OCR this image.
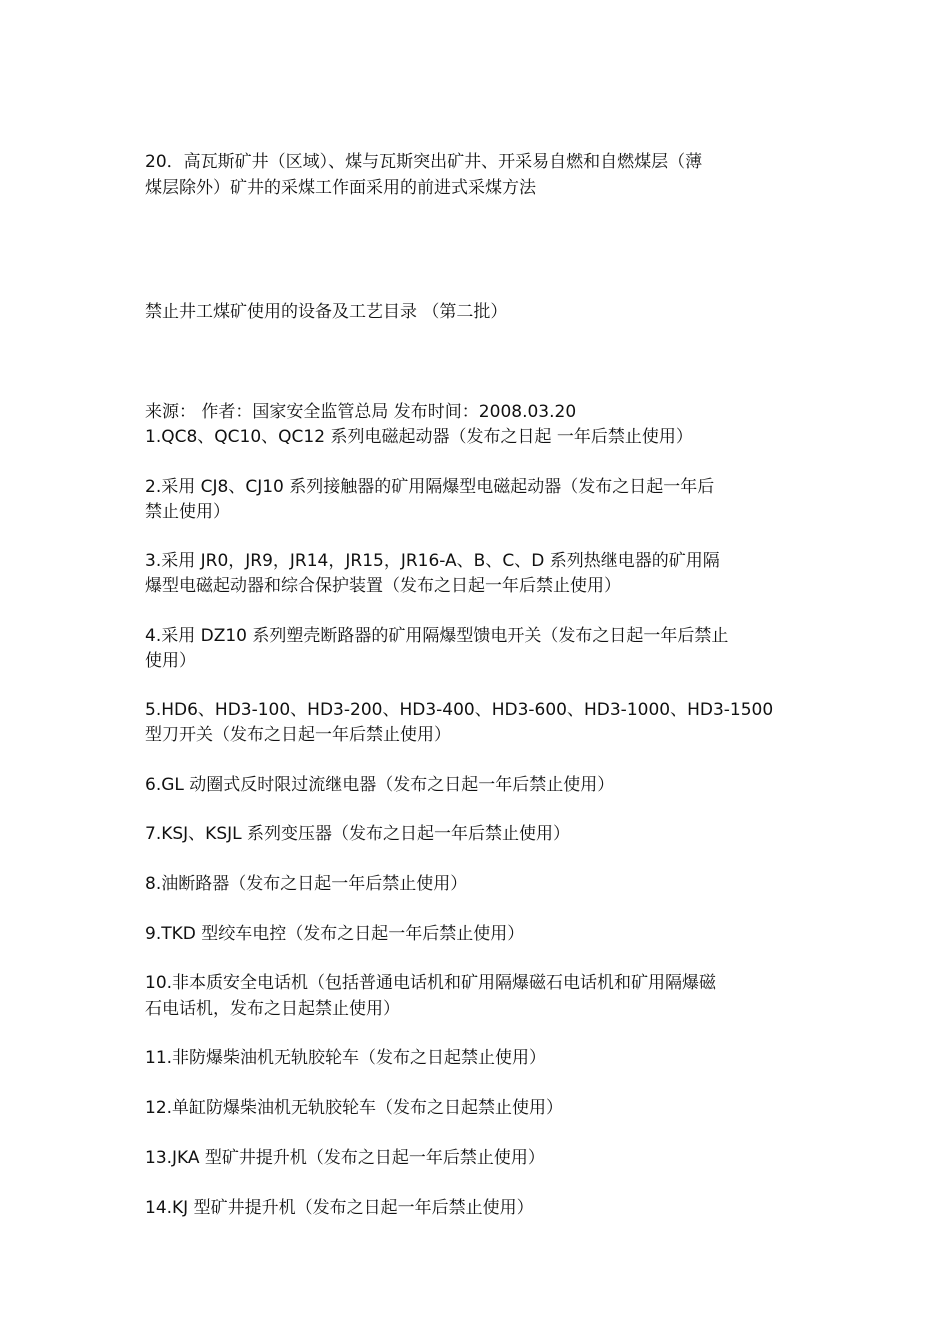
20．高瓦斯矿井（区域）、煤与瓦斯突出矿井、开采易自燃和自燃煤层（薄
煤层除外）矿井的采煤工作面采用的前进式采煤方法
禁止井工煤矿使用的设备及工艺目录 （第二批）
来源： 作者：国家安全监管总局 发布时间：2008.03.20
1.QC8、QC10、QC12 系列电磁起动器（发布之日起 一年后禁止使用）
2.采用 CJ8、CJ10 系列接触器的矿用隔爆型电磁起动器（发布之日起一年后
禁止使用）
3.采用 JR0，JR9，JR14，JR15，JR16-A、B、C、D 系列热继电器的矿用隔
爆型电磁起动器和综合保护装置（发布之日起一年后禁止使用）
4.采用 DZ10 系列塑壳断路器的矿用隔爆型馈电开关（发布之日起一年后禁止
使用）
5.HD6、HD3-100、HD3-200、HD3-400、HD3-600、HD3-1000、HD3-1500
型刀开关（发布之日起一年后禁止使用）
6.GL 动圈式反时限过流继电器（发布之日起一年后禁止使用）
7.KSJ、KSJL 系列变压器（发布之日起一年后禁止使用）
8.油断路器（发布之日起一年后禁止使用）
9.TKD 型绞车电控（发布之日起一年后禁止使用）
10.非本质安全电话机（包括普通电话机和矿用隔爆磁石电话机和矿用隔爆磁
石电话机，发布之日起禁止使用）
11.非防爆柴油机无轨胶轮车（发布之日起禁止使用）
12.单缸防爆柴油机无轨胶轮车（发布之日起禁止使用）
13.JKA 型矿井提升机（发布之日起一年后禁止使用）
14.KJ 型矿井提升机（发布之日起一年后禁止使用）
